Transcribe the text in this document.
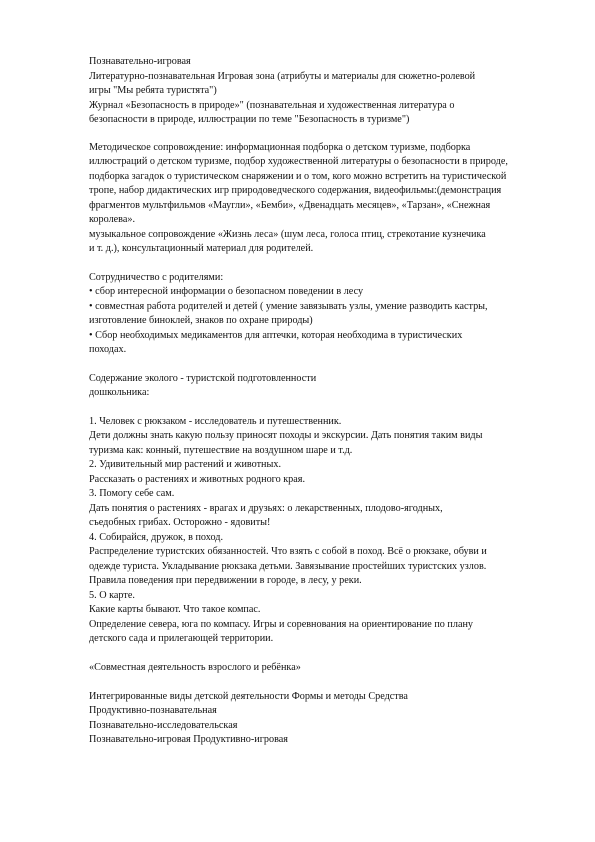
Познавательно-игровая
Литературно-познавательная Игровая зона (атрибуты и материалы для сюжетно-ролевой
игры "Мы ребята туристята")
Журнал «Безопасность в природе»" (познавательная и художественная литература о
безопасности в природе, иллюстрации по теме "Безопасность в туризме")
Методическое сопровождение: информационная подборка о детском туризме, подборка
иллюстраций о детском туризме, подбор художественной литературы о безопасности в природе,
подборка загадок о туристическом снаряжении и о том, кого можно встретить на туристической
тропе, набор дидактических игр природоведческого содержания, видеофильмы:(демонстрация
фрагментов мультфильмов «Маугли», «Бемби», «Двенадцать месяцев», «Тарзан», «Снежная
королева».
музыкальное сопровождение «Жизнь леса» (шум леса, голоса птиц, стрекотание кузнечика
и т. д.), консультационный материал для родителей.
Сотрудничество с родителями:
• сбор интересной информации о безопасном поведении в лесу
• совместная работа родителей и детей ( умение завязывать узлы, умение разводить кастры,
изготовление биноклей, знаков по охране природы)
• Сбор необходимых медикаментов для аптечки, которая необходима в туристических
походах.
Содержание эколого - туристской подготовленности
дошкольника:
1. Человек с рюкзаком - исследователь и путешественник.
Дети должны знать какую пользу приносят походы и экскурсии. Дать понятия таким виды
туризма как: конный, путешествие на воздушном шаре и т.д.
2. Удивительный мир растений и животных.
Рассказать о растениях и животных родного края.
3. Помогу себе сам.
Дать понятия о растениях - врагах и друзьях: о лекарственных, плодово-ягодных,
съедобных грибах. Осторожно - ядовиты!
4. Собирайся, дружок, в поход.
Распределение туристских обязанностей. Что взять с собой в поход. Всё о рюкзаке, обуви и
одежде туриста. Укладывание рюкзака детьми. Завязывание простейших туристских узлов.
Правила поведения при передвижении в городе, в лесу, у реки.
5. О карте.
Какие карты бывают. Что такое компас.
Определение севера, юга по компасу. Игры и соревнования на ориентирование по плану
детского сада и прилегающей территории.
«Совместная деятельность взрослого и ребёнка»
Интегрированные виды детской деятельности Формы и методы Средства
Продуктивно-познавательная
Познавательно-исследовательская
Познавательно-игровая Продуктивно-игровая
